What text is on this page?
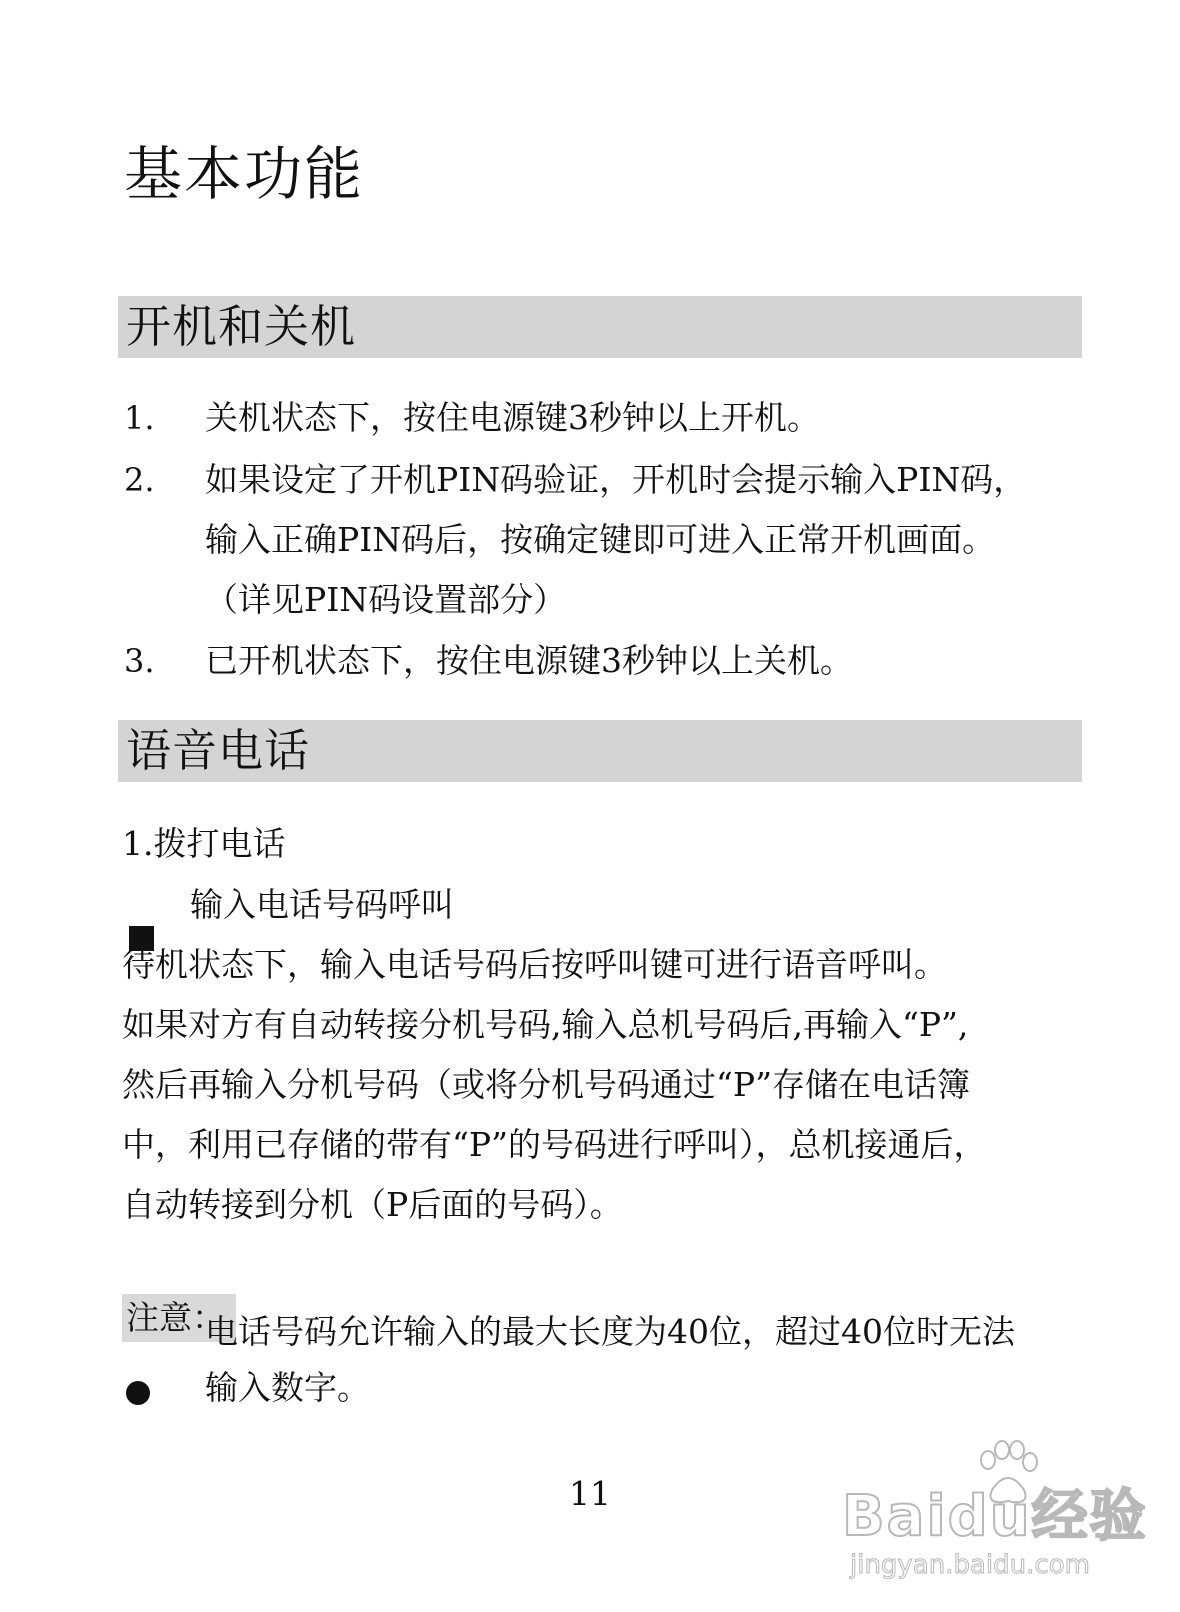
基本功能
开机和关机
1. 关机状态下，按住电源键3秒钟以上开机。
2. 如果设定了开机PIN码验证，开机时会提示输入PIN码，
输入正确PIN码后，按确定键即可进入正常开机画面。
（详见PIN码设置部分）
3. 已开机状态下，按住电源键3秒钟以上关机。
语音电话
1.拨打电话
输入电话号码呼叫
待机状态下，输入电话号码后按呼叫键可进行语音呼叫。
如果对方有自动转接分机号码,输入总机号码后,再输入“P”,
然后再输入分机号码（或将分机号码通过“P”存储在电话簿
中，利用已存储的带有“P”的号码进行呼叫），总机接通后，
自动转接到分机（P后面的号码）。
注意：
电话号码允许输入的最大长度为40位，超过40位时无法
输入数字。
11	Baidu经验
jingyan.baidu.com
